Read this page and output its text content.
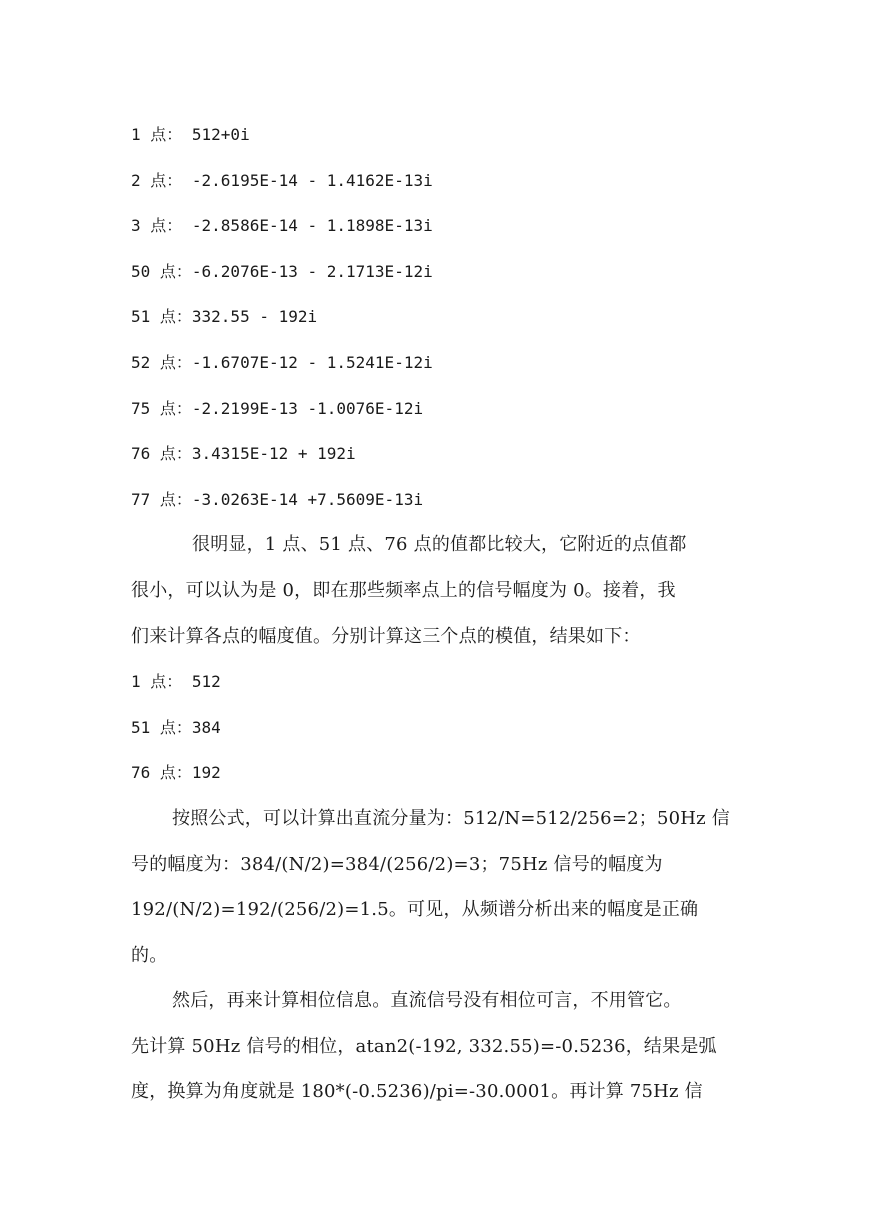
1 点： 512+0i
2 点： -2.6195E-14 - 1.4162E-13i
3 点： -2.8586E-14 - 1.1898E-13i
50 点：-6.2076E-13 - 2.1713E-12i
51 点：332.55 - 192i
52 点：-1.6707E-12 - 1.5241E-12i
75 点：-2.2199E-13 -1.0076E-12i
76 点：3.4315E-12 + 192i
77 点：-3.0263E-14 +7.5609E-13i
很明显，1 点、51 点、76 点的值都比较大，它附近的点值都
很小，可以认为是 0，即在那些频率点上的信号幅度为 0。接着，我
们来计算各点的幅度值。分别计算这三个点的模值，结果如下：
1 点： 512
51 点：384
76 点：192
按照公式，可以计算出直流分量为：512/N=512/256=2；50Hz 信
号的幅度为：384/(N/2)=384/(256/2)=3；75Hz 信号的幅度为
192/(N/2)=192/(256/2)=1.5。可见，从频谱分析出来的幅度是正确
的。
然后，再来计算相位信息。直流信号没有相位可言，不用管它。
先计算 50Hz 信号的相位，atan2(-192, 332.55)=-0.5236，结果是弧
度，换算为角度就是 180*(-0.5236)/pi=-30.0001。再计算 75Hz 信
